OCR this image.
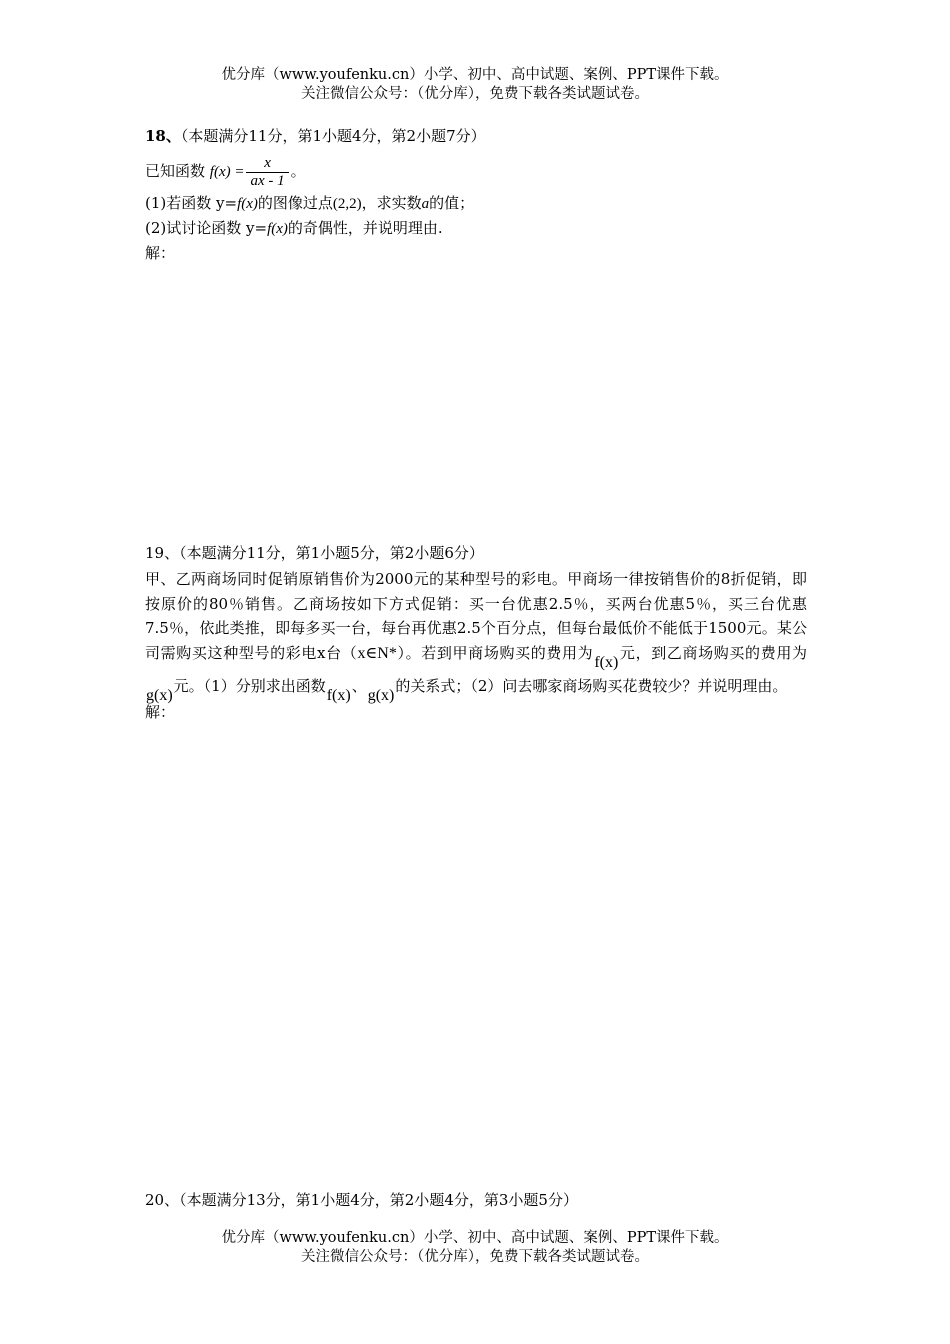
优分库（www.youfenku.cn）小学、初中、高中试题、案例、PPT课件下载。
关注微信公众号：（优分库），免费下载各类试题试卷。
18、（本题满分11分，第1小题4分，第2小题7分）
已知函数 $f(x) = \frac{x}{ax - 1}$ 。
(1)若函数 y=f(x)的图像过点(2,2)，求实数a的值；
(2)试讨论函数 y=f(x)的奇偶性，并说明理由.
解：
19、（本题满分11分，第1小题5分，第2小题6分）
甲、乙两商场同时促销原销售价为2000元的某种型号的彩电。甲商场一律按销售价的8折促销，即按原价的80％销售。乙商场按如下方式促销：买一台优惠2.5％，买两台优惠5％，买三台优惠7.5％，依此类推，即每多买一台，每台再优惠2.5个百分点，但每台最低价不能低于1500元。某公司需购买这种型号的彩电x台（x∈N*）。若到甲商场购买的费用为f(x)元，到乙商场购买的费用为g(x)元。（1）分别求出函数f(x)、g(x)的关系式；（2）问去哪家商场购买花费较少？并说明理由。
解：
20、（本题满分13分，第1小题4分，第2小题4分，第3小题5分）
优分库（www.youfenku.cn）小学、初中、高中试题、案例、PPT课件下载。
关注微信公众号：（优分库），免费下载各类试题试卷。
